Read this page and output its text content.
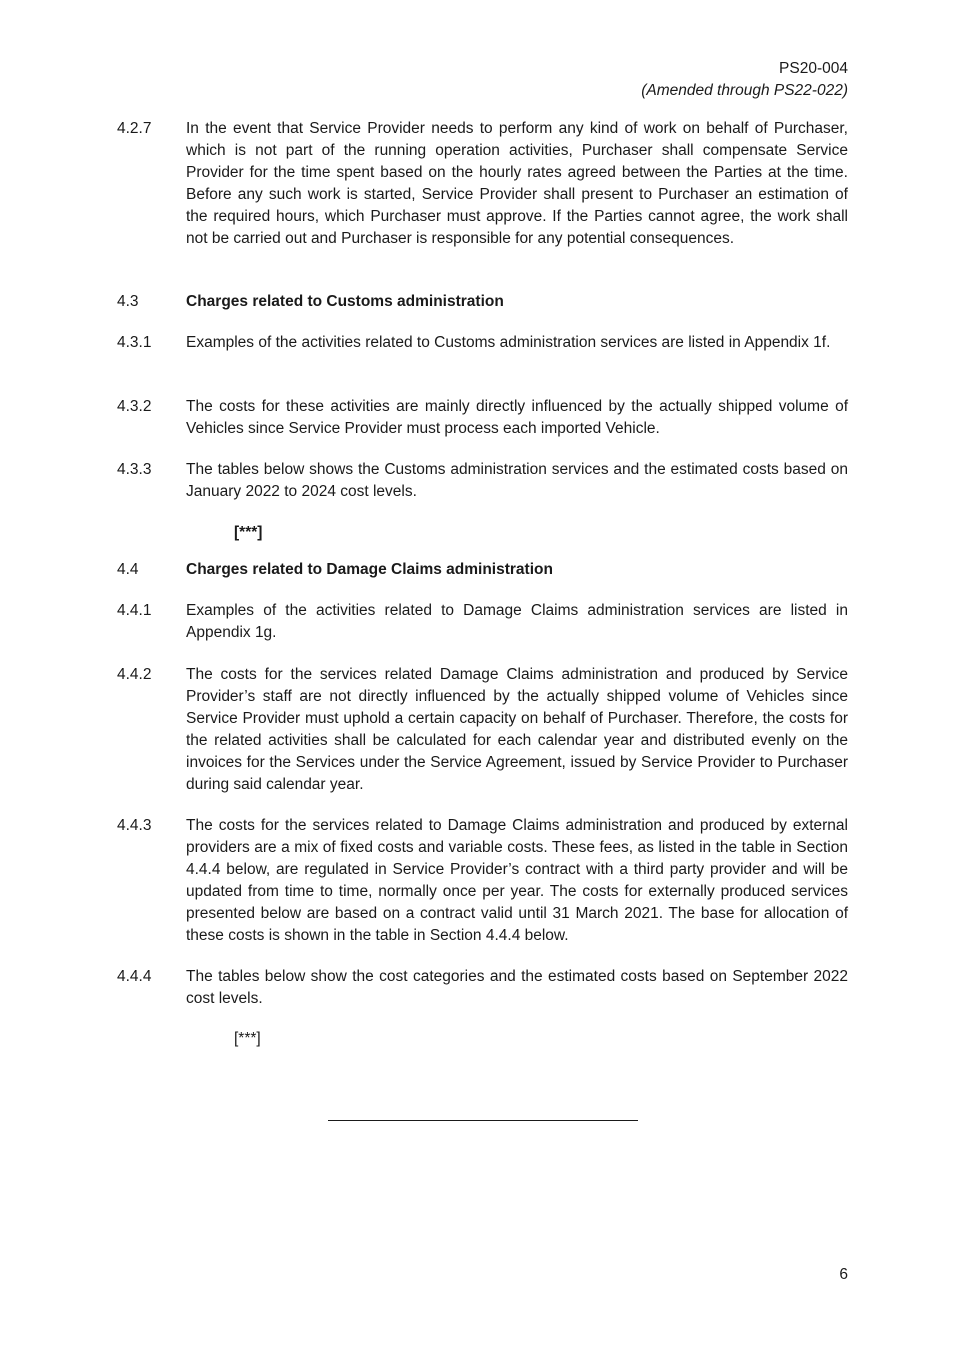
PS20-004
(Amended through PS22-022)
4.2.7	In the event that Service Provider needs to perform any kind of work on behalf of Purchaser, which is not part of the running operation activities, Purchaser shall compensate Service Provider for the time spent based on the hourly rates agreed between the Parties at the time. Before any such work is started, Service Provider shall present to Purchaser an estimation of the required hours, which Purchaser must approve. If the Parties cannot agree, the work shall not be carried out and Purchaser is responsible for any potential consequences.
4.3	Charges related to Customs administration
4.3.1	Examples of the activities related to Customs administration services are listed in Appendix 1f.
4.3.2	The costs for these activities are mainly directly influenced by the actually shipped volume of Vehicles since Service Provider must process each imported Vehicle.
4.3.3	The tables below shows the Customs administration services and the estimated costs based on January 2022 to 2024 cost levels.
[***]
4.4	Charges related to Damage Claims administration
4.4.1	Examples of the activities related to Damage Claims administration services are listed in Appendix 1g.
4.4.2	The costs for the services related Damage Claims administration and produced by Service Provider’s staff are not directly influenced by the actually shipped volume of Vehicles since Service Provider must uphold a certain capacity on behalf of Purchaser. Therefore, the costs for the related activities shall be calculated for each calendar year and distributed evenly on the invoices for the Services under the Service Agreement, issued by Service Provider to Purchaser during said calendar year.
4.4.3	The costs for the services related to Damage Claims administration and produced by external providers are a mix of fixed costs and variable costs. These fees, as listed in the table in Section 4.4.4 below, are regulated in Service Provider’s contract with a third party provider and will be updated from time to time, normally once per year. The costs for externally produced services presented below are based on a contract valid until 31 March 2021. The base for allocation of these costs is shown in the table in Section 4.4.4 below.
4.4.4	The tables below show the cost categories and the estimated costs based on September 2022 cost levels.
[***]
6
